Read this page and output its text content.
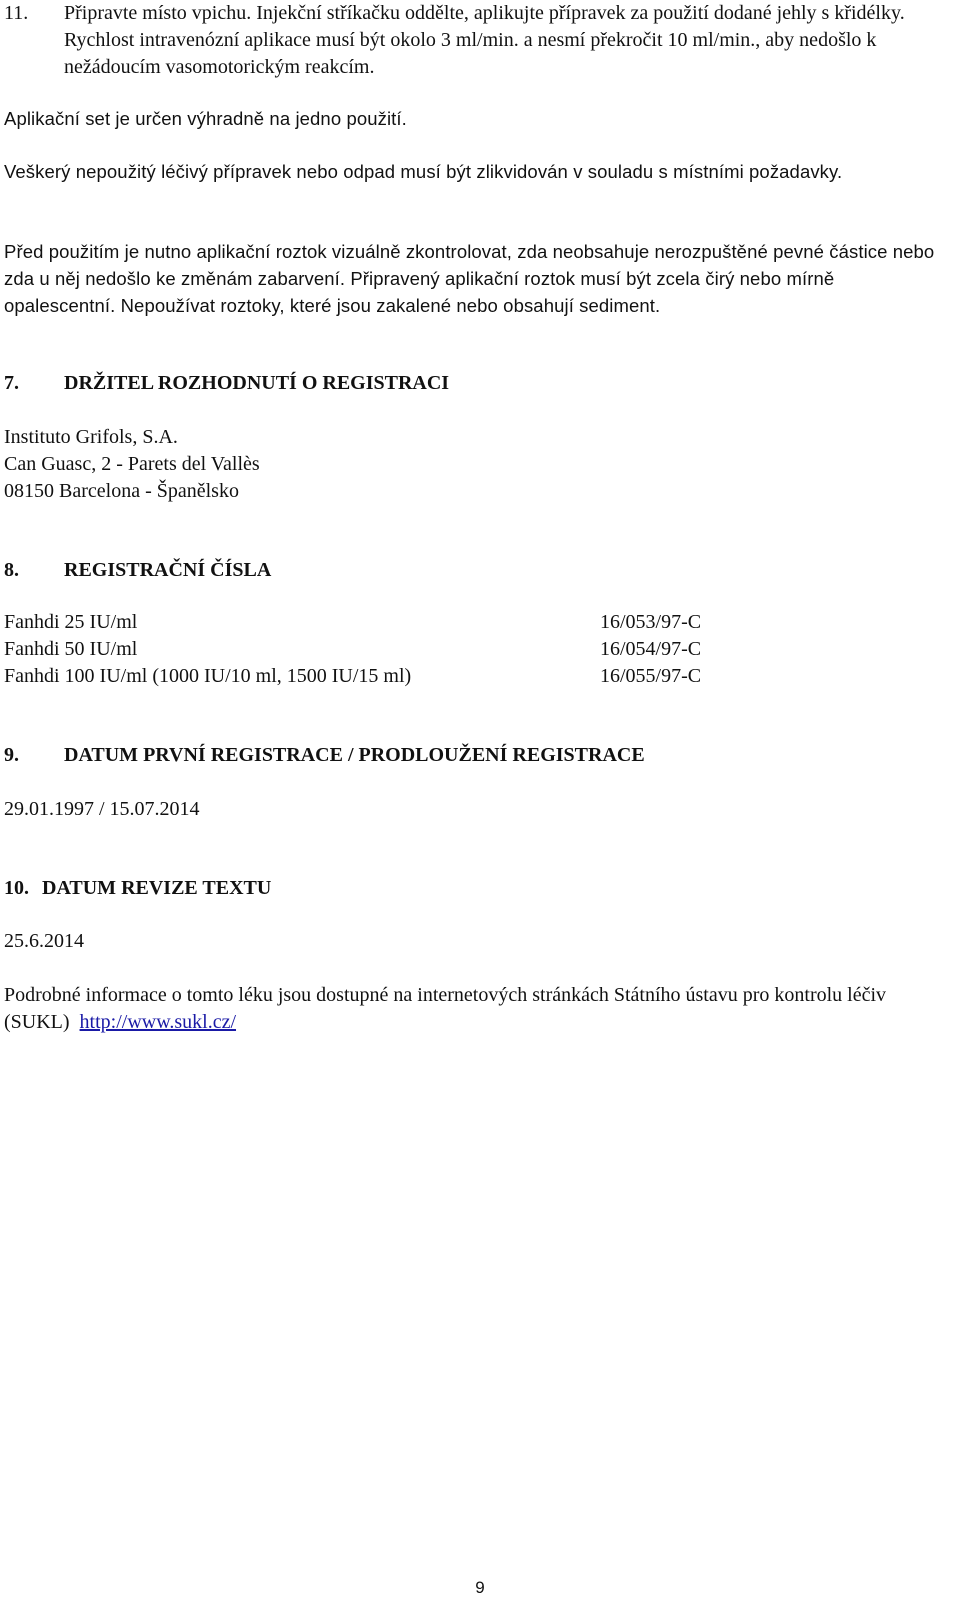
11. Připravte místo vpichu. Injekční stříkačku oddělte, aplikujte přípravek za použití dodané jehly s křidélky. Rychlost intravenózní aplikace musí být okolo 3 ml/min. a nesmí překročit 10 ml/min., aby nedošlo k nežádoucím vasomotorickým reakcím.

Aplikační set je určen výhradně na jedno použití.

Veškerý nepoužitý léčivý přípravek nebo odpad musí být zlikvidován v souladu s místními požadavky.

Před použitím je nutno aplikační roztok vizuálně zkontrolovat, zda neobsahuje nerozpuštěné pevné částice nebo zda u něj nedošlo ke změnám zabarvení. Připravený aplikační roztok musí být zcela čirý nebo mírně opalescentní. Nepoužívat roztoky, které jsou zakalené nebo obsahují sediment.

7. DRŽITEL ROZHODNUTÍ O REGISTRACI
Instituto Grifols, S.A.
Can Guasc, 2 - Parets del Vallès
08150 Barcelona - Španělsko
8. REGISTRAČNÍ ČÍSLA
Fanhdi 25 IU/ml	16/053/97-C
Fanhdi 50 IU/ml	16/054/97-C
Fanhdi 100 IU/ml (1000 IU/10 ml, 1500 IU/15 ml)	16/055/97-C
9. DATUM PRVNÍ REGISTRACE / PRODLOUŽENÍ REGISTRACE
29.01.1997 / 15.07.2014
10. DATUM REVIZE TEXTU
25.6.2014
Podrobné informace o tomto léku jsou dostupné na internetových stránkách Státního ústavu pro kontrolu léčiv (SUKL) http://www.sukl.cz/
9
